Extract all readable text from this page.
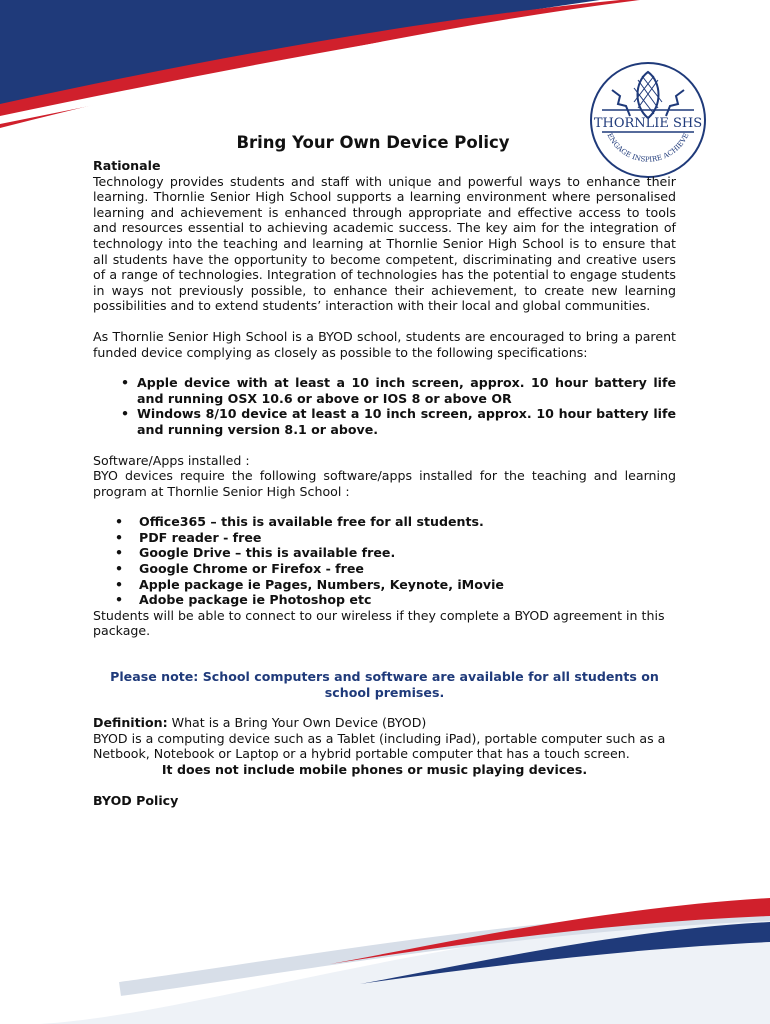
THORNLIE SHS
ENGAGE INSPIRE ACHIEVE
Bring Your Own Device Policy
Rationale

Technology provides students and staff with unique and powerful ways to enhance their learning. Thornlie Senior High School supports a learning environment where personalised learning and achievement is enhanced through appropriate and effective access to tools and resources essential to achieving academic success. The key aim for the integration of technology into the teaching and learning at Thornlie Senior High School is to ensure that all students have the opportunity to become competent, discriminating and creative users of a range of technologies. Integration of technologies has the potential to engage students in ways not previously possible, to enhance their achievement, to create new learning possibilities and to extend students’ interaction with their local and global communities.

As Thornlie Senior High School is a BYOD school, students are encouraged to bring a parent funded device complying as closely as possible to the following specifications:

• Apple device with at least a 10 inch screen, approx. 10 hour battery life and running OSX 10.6 or above or IOS 8 or above OR
• Windows 8/10 device at least a 10 inch screen, approx. 10 hour battery life and running version 8.1 or above.
Software/Apps installed :

BYO devices require the following software/apps installed for the teaching and learning program at Thornlie Senior High School :

• Office365 – this is available free for all students.
• PDF reader - free
• Google Drive – this is available free.
• Google Chrome or Firefox - free
• Apple package ie Pages, Numbers, Keynote, iMovie
• Adobe package ie Photoshop etc

Students will be able to connect to our wireless if they complete a BYOD agreement in this package.

Please note: School computers and software are available for all students on school premises.

Definition: What is a Bring Your Own Device (BYOD)

BYOD is a computing device such as a Tablet (including iPad), portable computer such as a Netbook, Notebook or Laptop or a hybrid portable computer that has a touch screen.

It does not include mobile phones or music playing devices.

BYOD Policy
